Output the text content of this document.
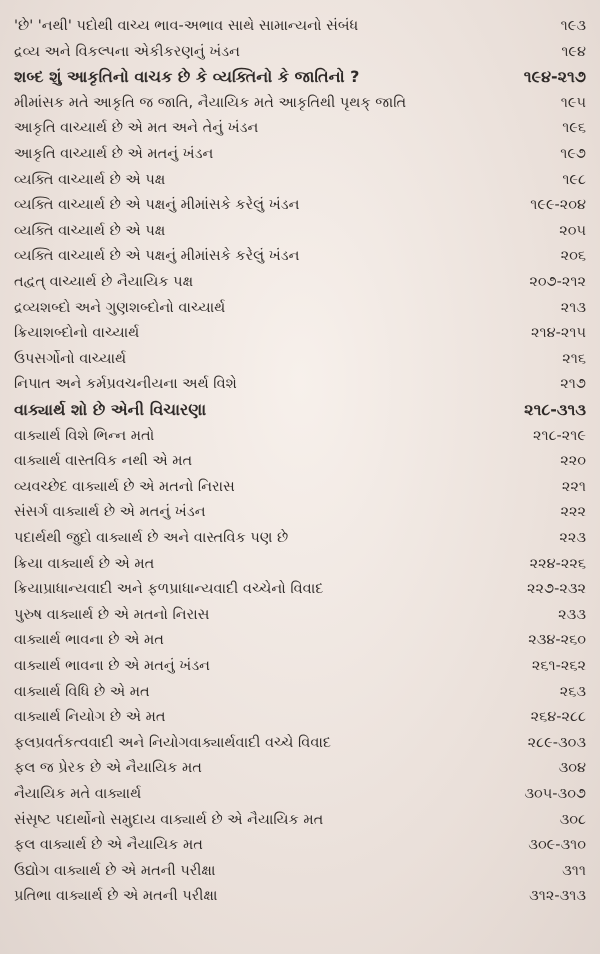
'છે' 'નથી' પદોથી વાચ્ય ભાવ-અભાવ સાથે સામાન્યનો સંબંધ	૧૯૩
દ્રવ્ય અને વિકલ્પના એકીકરણનું ખંડન	૧૯૪
શબ્દ શું આકૃતિનો વાચક છે કે વ્યક્તિનો કે જાતિનો ?	૧૯૪-૨૧૭
મીમાંસક મતે આકૃતિ જ જાતિ, નૈયાયિક મતે આકૃતિથી પૃથક્ જાતિ	૧૯૫
આકૃતિ વાચ્યાર્થ છે એ મત અને તેનું ખંડન	૧૯૬
આકૃતિ વાચ્યાર્થ છે એ મતનું ખંડન	૧૯૭
વ્યક્તિ વાચ્યાર્થ છે એ પક્ષ	૧૯૮
વ્યક્તિ વાચ્યાર્થ છે એ પક્ષનું મીમાંસકે કરેલું ખંડન	૧૯૯-૨૦૪
વ્યક્તિ વાચ્યાર્થ છે એ પક્ષ	૨૦૫
વ્યક્તિ વાચ્યાર્થ છે એ પક્ષનું મીમાંસકે કરેલું ખંડન	૨૦૬
તદ્વત્ વાચ્યાર્થ છે નૈયાયિક પક્ષ	૨૦૭-૨૧૨
દ્રવ્યશબ્દો અને ગુણશબ્દોનો વાચ્યાર્થ	૨૧૩
ક્રિયાશબ્દોનો વાચ્યાર્થ	૨૧૪-૨૧૫
ઉપસર્ગોનો વાચ્યાર્થ	૨૧૬
નિપાત અને કર્મપ્રવચનીયના અર્થ વિશે	૨૧૭
વાક્યાર્થ શો છે એની વિચારણા	૨૧૮-૩૧૩
વાક્યાર્થ વિશે ભિન્ન મતો	૨૧૮-૨૧૯
વાક્યાર્થ વાસ્તવિક નથી એ મત	૨૨૦
વ્યવચ્છેદ વાક્યાર્થ છે એ મતનો નિરાસ	૨૨૧
સંસર્ગ વાક્યાર્થ છે એ મતનું ખંડન	૨૨૨
પદાર્થથી જુદો વાક્યાર્થ છે અને વાસ્તવિક પણ છે	૨૨૩
ક્રિયા વાક્યાર્થ છે એ મત	૨૨૪-૨૨૬
ક્રિયાપ્રાધાન્યવાદી અને ફળપ્રાધાન્યવાદી વચ્ચેનો વિવાદ	૨૨૭-૨૩૨
પુરુષ વાક્યાર્થ છે એ મતનો નિરાસ	૨૩૩
વાક્યાર્થ ભાવના છે એ મત	૨૩૪-૨૬૦
વાક્યાર્થ ભાવના છે એ મતનું ખંડન	૨૬૧-૨૬૨
વાક્યાર્થ વિધિ છે એ મત	૨૬૩
વાક્યાર્થ નિયોગ છે એ મત	૨૬૪-૨૮૮
ફલપ્રવર્તકત્વવાદી અને નિયોગવાક્યાર્થવાદી વચ્ચે વિવાદ	૨૮૯-૩૦૩
ફલ જ પ્રેરક છે એ નૈયાયિક મત	૩૦૪
નૈયાયિક મતે વાક્યાર્થ	૩૦૫-૩૦૭
સંસૃષ્ટ પદાર્થોનો સમુદાય વાક્યાર્થ છે એ નૈયાયિક મત	૩૦૮
ફલ વાક્યાર્થ છે એ નૈયાયિક મત	૩૦૯-૩૧૦
ઉદ્યોગ વાક્યાર્થ છે એ મતની પરીક્ષા	૩૧૧
પ્રતિભા વાક્યાર્થ છે એ મતની પરીક્ષા	૩૧૨-૩૧૩
